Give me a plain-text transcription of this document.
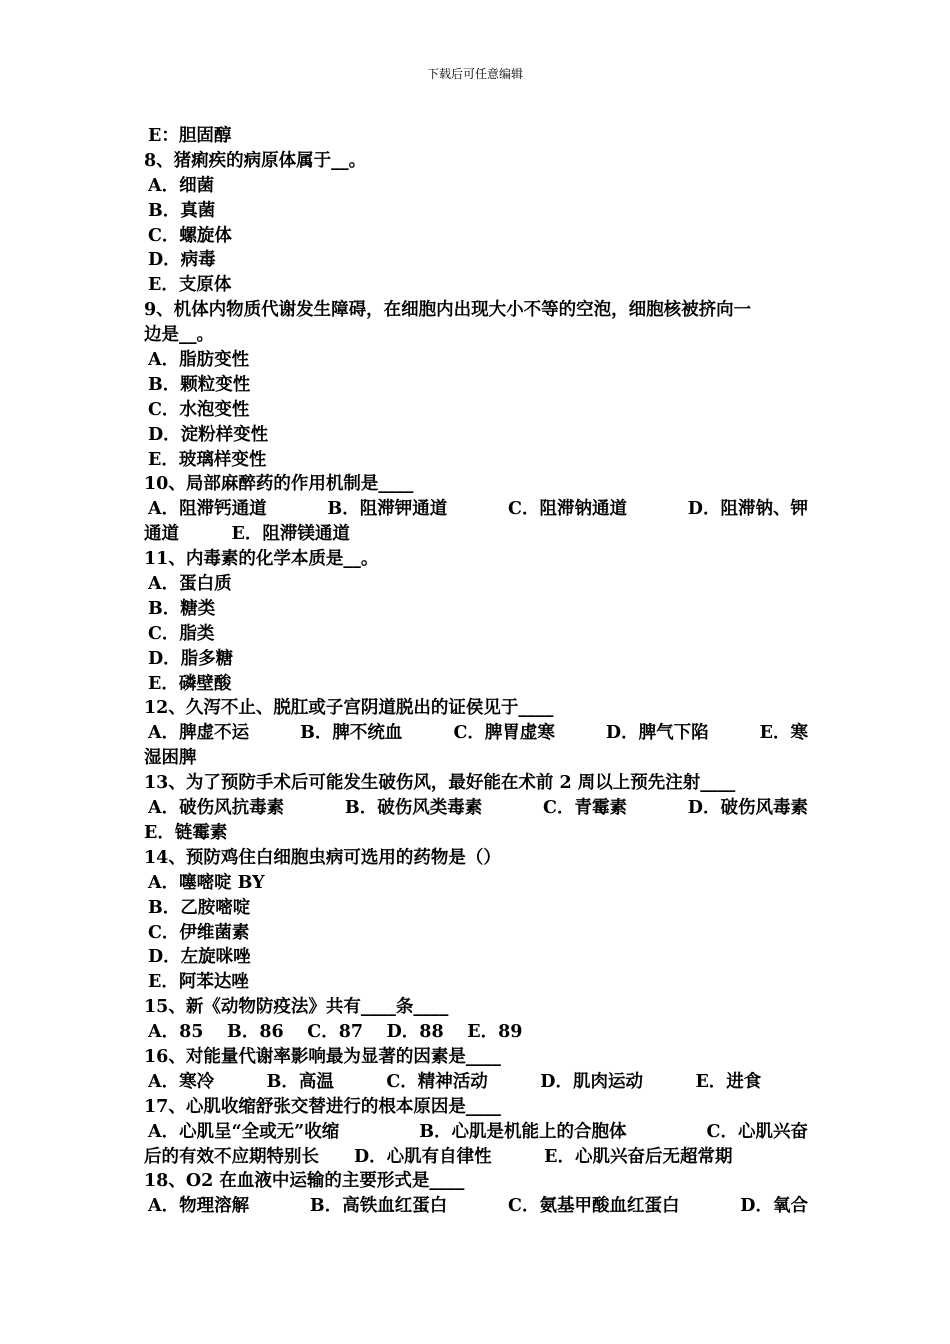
下载后可任意编辑
E：胆固醇
8、猪痢疾的病原体属于__。
A．细菌
B．真菌
C．螺旋体
D．病毒
E．支原体
9、机体内物质代谢发生障碍，在细胞内出现大小不等的空泡，细胞核被挤向一
边是__。
A．脂肪变性
B．颗粒变性
C．水泡变性
D．淀粉样变性
E．玻璃样变性
10、局部麻醉药的作用机制是____
A．阻滞钙通道	B．阻滞钾通道	C．阻滞钠通道	D．阻滞钠、钾
通道　　　E．阻滞镁通道
11、内毒素的化学本质是__。
A．蛋白质
B．糖类
C．脂类
D．脂多糖
E．磷壁酸
12、久泻不止、脱肛或子宫阴道脱出的证侯见于____
A．脾虚不运	B．脾不统血	C．脾胃虚寒	D．脾气下陷	E．寒
湿困脾
13、为了预防手术后可能发生破伤风，最好能在术前 2 周以上预先注射____
A．破伤风抗毒素	B．破伤风类毒素	C．青霉素	D．破伤风毒素
E．链霉素
14、预防鸡住白细胞虫病可选用的药物是（）
A．噻嘧啶 BY
B．乙胺嘧啶
C．伊维菌素
D．左旋咪唑
E．阿苯达唑
15、新《动物防疫法》共有____条____
A．85　 B．86　 C．87　 D．88　 E．89
16、对能量代谢率影响最为显著的因素是____
A．寒冷　　　B．高温　　　C．精神活动　　　D．肌肉运动　　　E．进食
17、心肌收缩舒张交替进行的根本原因是____
A．心肌呈“全或无”收缩	B．心肌是机能上的合胞体	C．心肌兴奋
后的有效不应期特别长　　D．心肌有自律性　　　E．心肌兴奋后无超常期
18、O2 在血液中运输的主要形式是____
A．物理溶解	B．高铁血红蛋白	C．氨基甲酸血红蛋白	D．氧合
